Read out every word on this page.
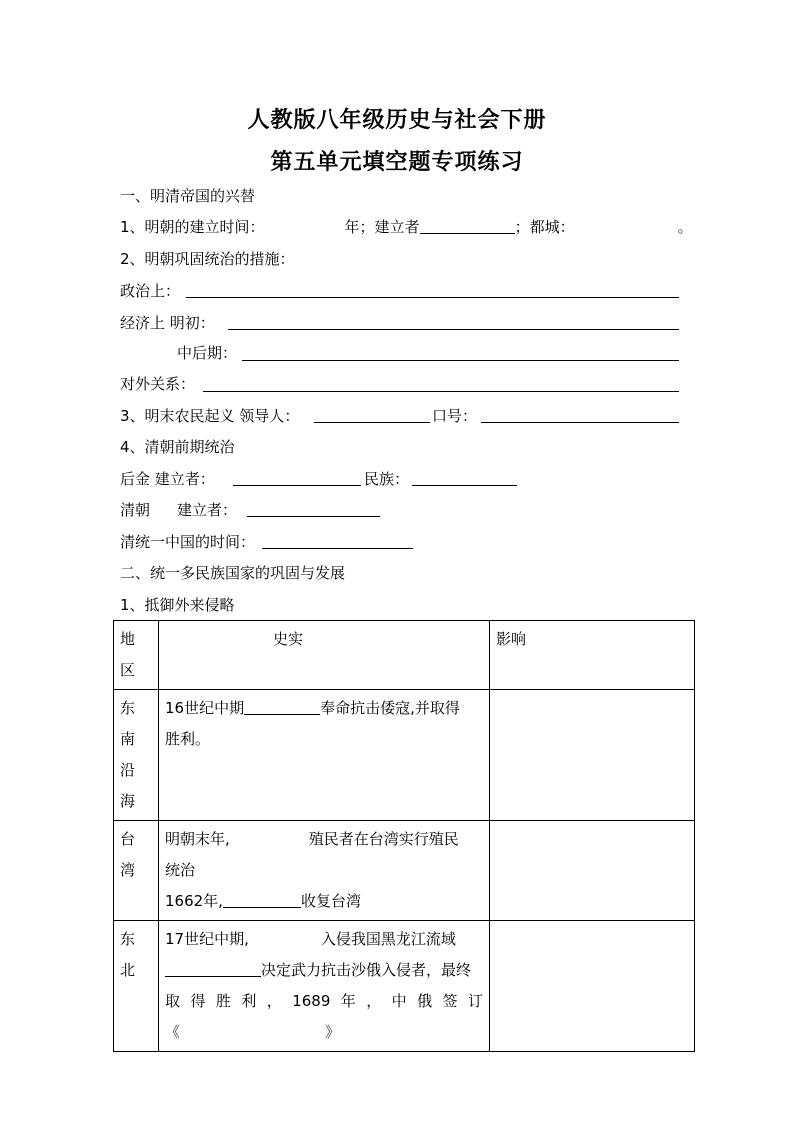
人教版八年级历史与社会下册
第五单元填空题专项练习
一、明清帝国的兴替
1、明朝的建立时间：	年；建立者	；都城：	。
2、明朝巩固统治的措施：
政治上：
经济上 明初：
中后期：
对外关系：
3、明末农民起义 领导人：	口号：
4、清朝前期统治
后金 建立者：	民族：
清朝 建立者：
清统一中国的时间：
二、统一多民族国家的巩固与发展
1、抵御外来侵略
地区	史实	影响

东南沿海	16世纪中期 奉命抗击倭寇,并取得
胜利。	

台湾	明朝末年, 殖民者在台湾实行殖民
统治
1662年, 收复台湾	

东北	17世纪中期, 入侵我国黑龙江流域
决定武力抗击沙俄入侵者，最终
取得胜利，1689年，中俄签订
《 》	
